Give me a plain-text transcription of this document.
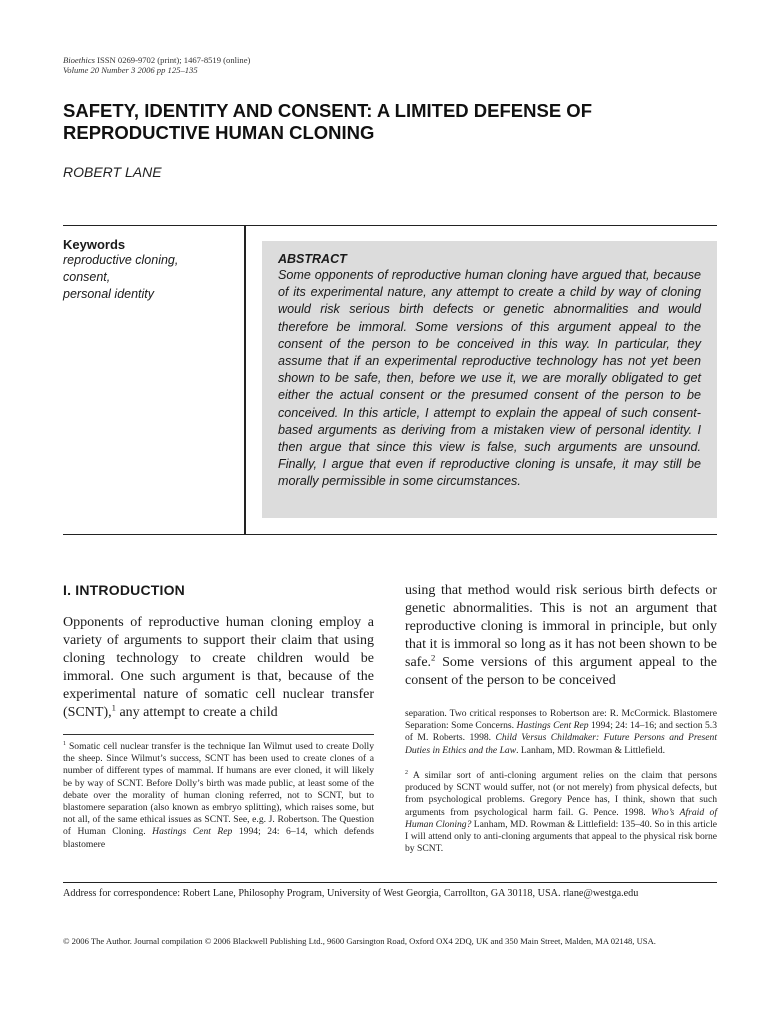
Bioethics ISSN 0269-9702 (print); 1467-8519 (online)
Volume 20 Number 3 2006 pp 125–135
SAFETY, IDENTITY AND CONSENT: A LIMITED DEFENSE OF
REPRODUCTIVE HUMAN CLONING
ROBERT LANE
Keywords
reproductive cloning,
consent,
personal identity
ABSTRACT
Some opponents of reproductive human cloning have argued that, because of its experimental nature, any attempt to create a child by way of cloning would risk serious birth defects or genetic abnormalities and would therefore be immoral. Some versions of this argument appeal to the consent of the person to be conceived in this way. In particular, they assume that if an experimental reproductive technology has not yet been shown to be safe, then, before we use it, we are morally obligated to get either the actual consent or the presumed consent of the person to be conceived. In this article, I attempt to explain the appeal of such consent-based arguments as deriving from a mistaken view of personal identity. I then argue that since this view is false, such arguments are unsound. Finally, I argue that even if reproductive cloning is unsafe, it may still be morally permissible in some circumstances.
I. INTRODUCTION
Opponents of reproductive human cloning employ a variety of arguments to support their claim that using cloning technology to create children would be immoral. One such argument is that, because of the experimental nature of somatic cell nuclear transfer (SCNT),$^1$ any attempt to create a child
$^1$ Somatic cell nuclear transfer is the technique Ian Wilmut used to create Dolly the sheep. Since Wilmut’s success, SCNT has been used to create clones of a number of different types of mammal. If humans are ever cloned, it will likely be by way of SCNT. Before Dolly’s birth was made public, at least some of the debate over the morality of human cloning referred, not to SCNT, but to blastomere separation (also known as embryo splitting), which raises some, but not all, of the same ethical issues as SCNT. See, e.g. J. Robertson. The Question of Human Cloning. Hastings Cent Rep 1994; 24: 6–14, which defends blastomere
using that method would risk serious birth defects or genetic abnormalities. This is not an argument that reproductive cloning is immoral in principle, but only that it is immoral so long as it has not been shown to be safe.$^2$ Some versions of this argument appeal to the consent of the person to be conceived
separation. Two critical responses to Robertson are: R. McCormick. Blastomere Separation: Some Concerns. Hastings Cent Rep 1994; 24: 14–16; and section 5.3 of M. Roberts. 1998. Child Versus Childmaker: Future Persons and Present Duties in Ethics and the Law. Lanham, MD. Rowman & Littlefield.
$^2$ A similar sort of anti-cloning argument relies on the claim that persons produced by SCNT would suffer, not (or not merely) from physical defects, but from psychological problems. Gregory Pence has, I think, shown that such arguments from psychological harm fail. G. Pence. 1998. Who’s Afraid of Human Cloning? Lanham, MD. Rowman & Littlefield: 135–40. So in this article I will attend only to anti-cloning arguments that appeal to the physical risk borne by SCNT.
Address for correspondence: Robert Lane, Philosophy Program, University of West Georgia, Carrollton, GA 30118, USA. rlane@westga.edu
© 2006 The Author. Journal compilation © 2006 Blackwell Publishing Ltd., 9600 Garsington Road, Oxford OX4 2DQ, UK and 350 Main Street, Malden, MA 02148, USA.
